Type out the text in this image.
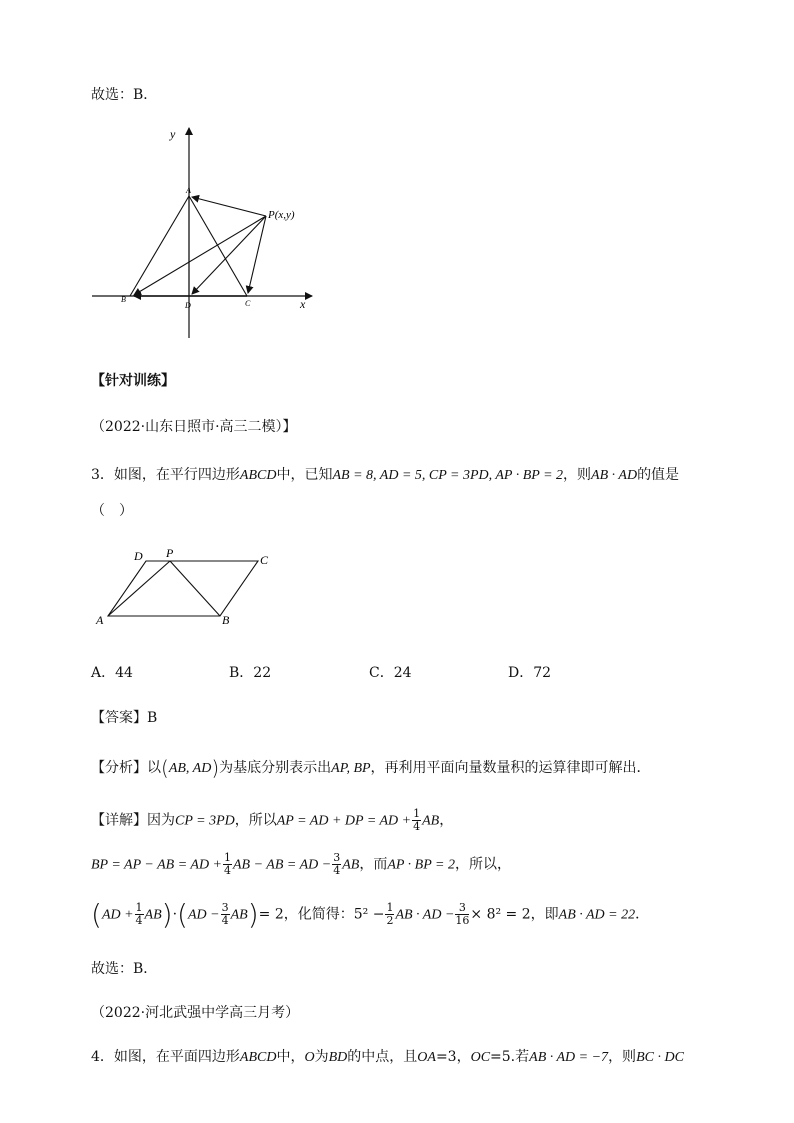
故选：B．
y
x
A
P(x,y)
B
D	C
【针对训练】
（2022·山东日照市·高三二模）】
3．如图，在平行四边形ABCD中，已知AB = 8, AD = 5, CP = 3PD, AP · BP = 2，则AB · AD的值是
（　）
D P	C
A	B
A．44	B．22	C．24	D．72
【答案】B
【分析】以(AB, AD)为基底分别表示出AP, BP，再利用平面向量数量积的运算律即可解出．
【详解】因为CP = 3PD，所以AP = AD + DP = AD + $\frac{1}{4}$ AB，
BP = AP − AB = AD + $\frac{1}{4}$ AB − AB = AD − $\frac{3}{4}$ AB，而AP · BP = 2，所以，
$(AD + \frac{1}{4} AB)\cdot(AD - \frac{3}{4} AB)= 2$，化简得：$5^2 - \frac{1}{2}$ AB · AD − $\frac{3}{16} \times 8^2 = 2$，即AB · AD = 22．
故选：B．
（2022·河北武强中学高三月考）
4．如图，在平面四边形ABCD中，O为BD的中点，且OA=3，OC=5.若AB · AD = −7，则BC · DC
